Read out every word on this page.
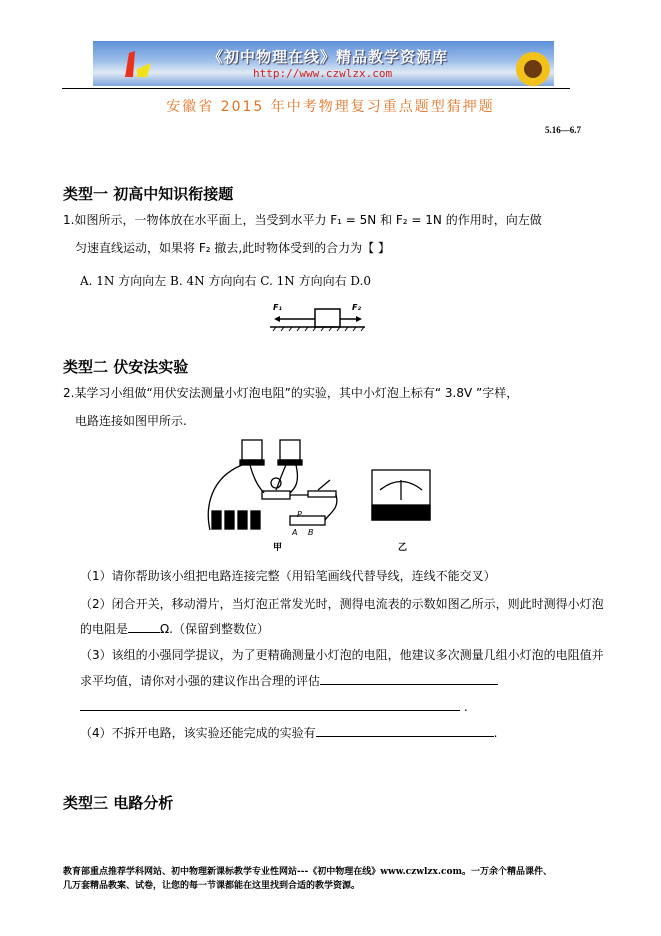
《初中物理在线》精品教学资源库
http://www.czwlzx.com
安徽省 2015 年中考物理复习重点题型猜押题
5.16—6.7
类型一 初高中知识衔接题
1.如图所示，一物体放在水平面上，当受到水平力 F₁ = 5N 和 F₂ = 1N 的作用时，向左做
匀速直线运动，如果将 F₂ 撤去,此时物体受到的合力为【 】
A. 1N 方向向左 B. 4N 方向向右 C. 1N 方向向右 D.0
F₁	F₂
类型二 伏安法实验
2.某学习小组做“用伏安法测量小灯泡电阻”的实验，其中小灯泡上标有“ 3.8V ”字样，
电路连接如图甲所示.
P
A B
甲	乙
（1）请你帮助该小组把电路连接完整（用铅笔画线代替导线，连线不能交叉）
（2）闭合开关，移动滑片，当灯泡正常发光时，测得电流表的示数如图乙所示，则此时测得小灯泡
的电阻是	Ω.（保留到整数位）
（3）该组的小强同学提议，为了更精确测量小灯泡的电阻，他建议多次测量几组小灯泡的电阻值并
求平均值，请你对小强的建议作出合理的评估
.
（4）不拆开电路，该实验还能完成的实验有	.
类型三 电路分析
教育部重点推荐学科网站、初中物理新课标教学专业性网站---《初中物理在线》www.czwlzx.com。一万余个精品课件、
几万套精品教案、试卷，让您的每一节课都能在这里找到合适的教学资源。
